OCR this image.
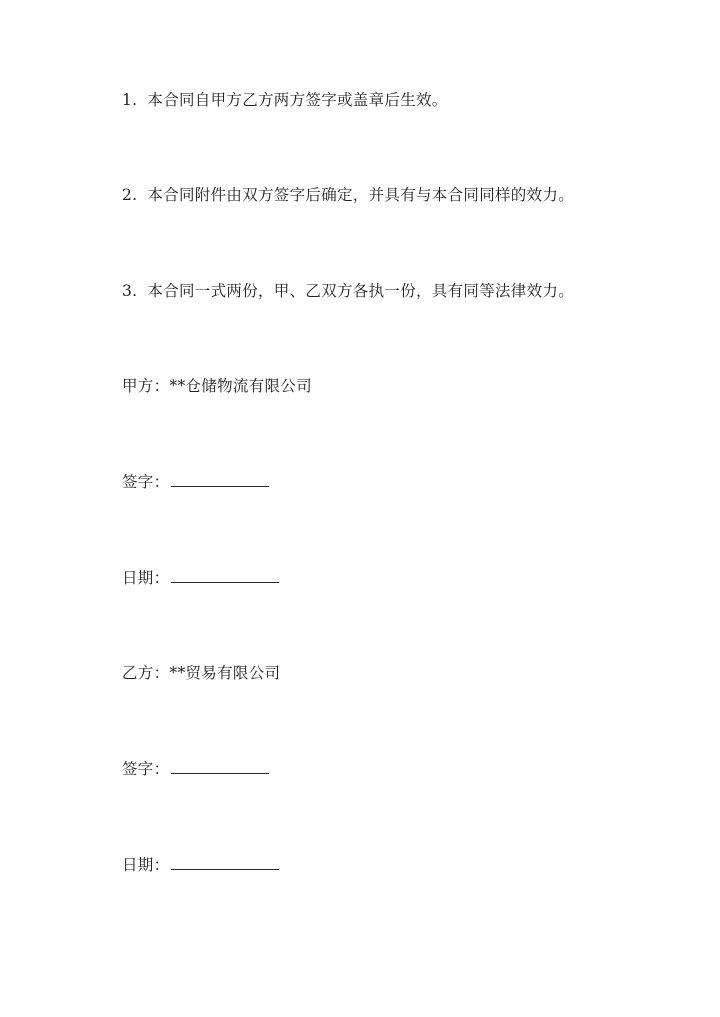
1. 本合同自甲方乙方两方签字或盖章后生效。
2. 本合同附件由双方签字后确定，并具有与本合同同样的效力。
3. 本合同一式两份，甲、乙双方各执一份，具有同等法律效力。
甲方：**仓储物流有限公司
签字：
日期：
乙方：**贸易有限公司
签字：
日期：
